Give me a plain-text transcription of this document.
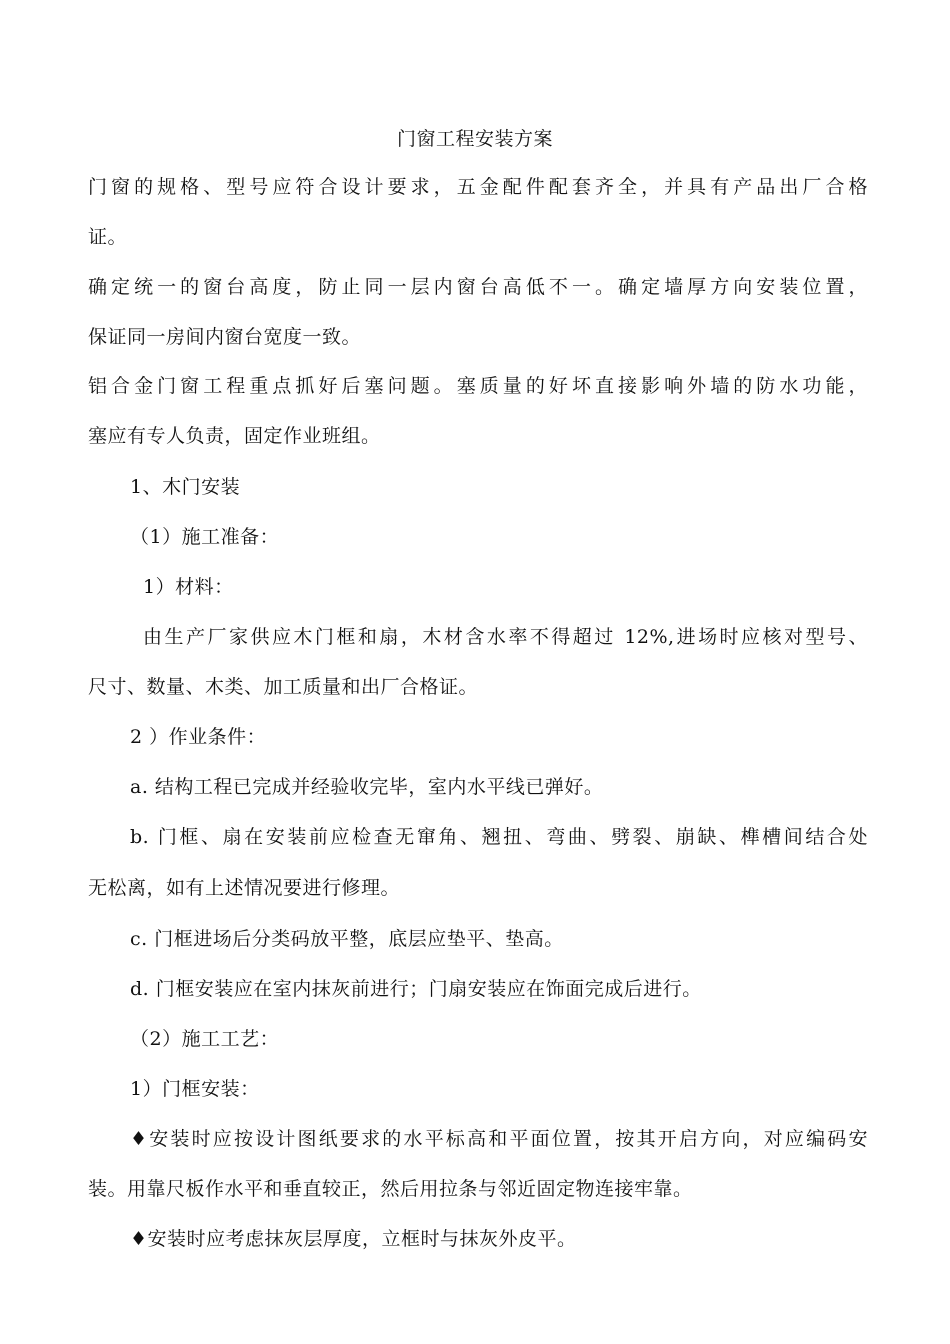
门窗工程安装方案
门窗的规格、型号应符合设计要求，五金配件配套齐全，并具有产品出厂合格
证。
确定统一的窗台高度，防止同一层内窗台高低不一。确定墙厚方向安装位置，
保证同一房间内窗台宽度一致。
铝合金门窗工程重点抓好后塞问题。塞质量的好坏直接影响外墙的防水功能，
塞应有专人负责，固定作业班组。
1、木门安装
（1）施工准备：
1）材料：
由生产厂家供应木门框和扇，木材含水率不得超过 12%,进场时应核对型号、
尺寸、数量、木类、加工质量和出厂合格证。
2 ）作业条件：
a. 结构工程已完成并经验收完毕，室内水平线已弹好。
b. 门框、扇在安装前应检查无窜角、翘扭、弯曲、劈裂、崩缺、榫槽间结合处
无松离，如有上述情况要进行修理。
c. 门框进场后分类码放平整，底层应垫平、垫高。
d. 门框安装应在室内抹灰前进行；门扇安装应在饰面完成后进行。
（2）施工工艺：
1）门框安装：
♦安装时应按设计图纸要求的水平标高和平面位置，按其开启方向，对应编码安
装。用靠尺板作水平和垂直较正，然后用拉条与邻近固定物连接牢靠。
♦安装时应考虑抹灰层厚度，立框时与抹灰外皮平。
